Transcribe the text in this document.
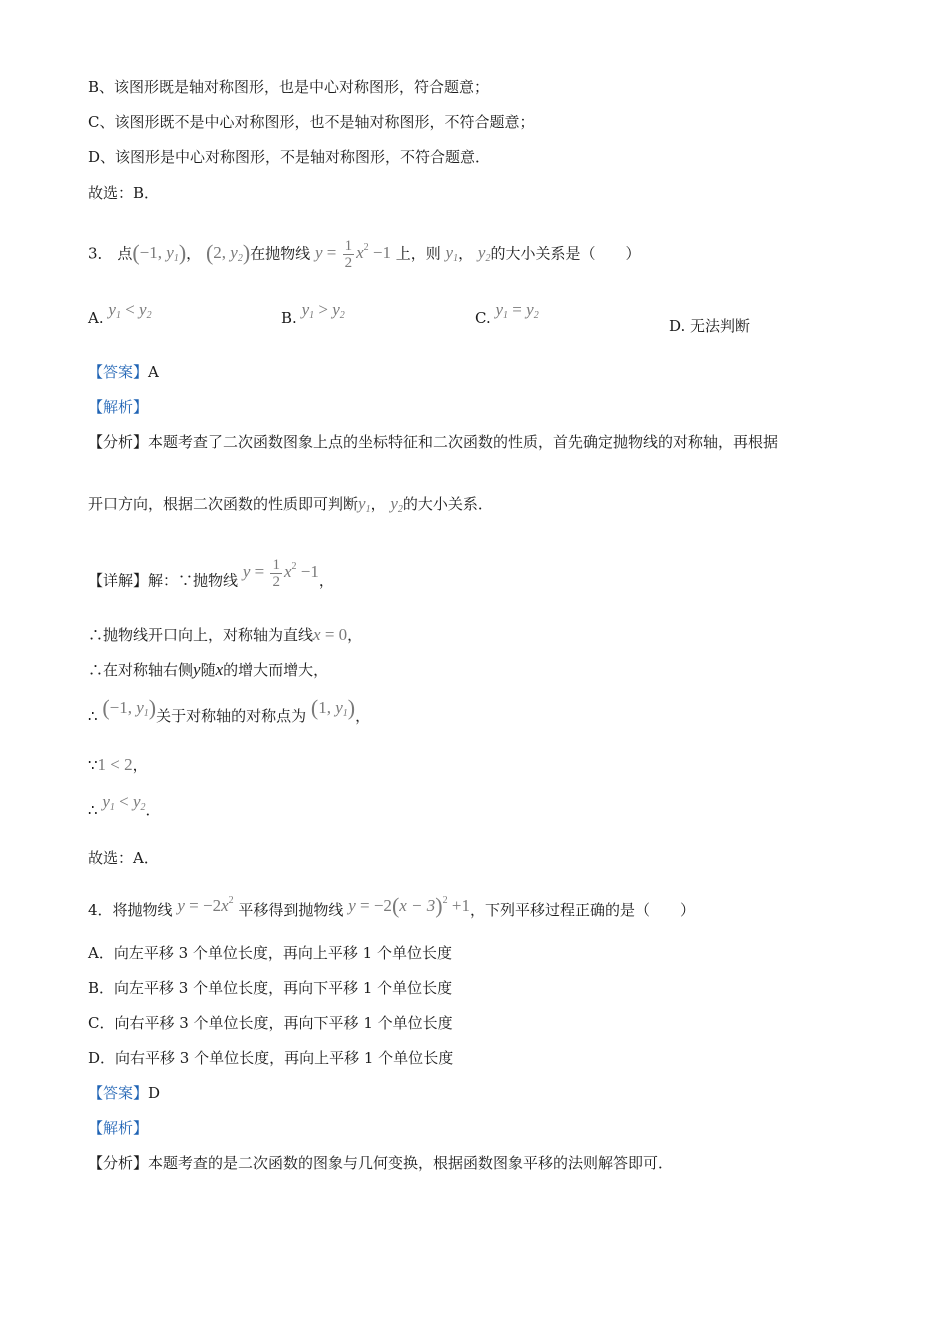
B、该图形既是轴对称图形，也是中心对称图形，符合题意；
C、该图形既不是中心对称图形，也不是轴对称图形，不符合题意；
D、该图形是中心对称图形，不是轴对称图形，不符合题意．
故选：B．
3． 点(−1, $y_1$)， (2, $y_2$)在抛物线 $y = \frac{1}{2} x^2 -1$ 上，则 $y_1$， $y_2$的大小关系是（　　）
A. $y_1 < y_2$	B. $y_1 > y_2$	C. $y_1 = y_2$
D. 无法判断
【答案】A
【解析】
【分析】本题考查了二次函数图象上点的坐标特征和二次函数的性质，首先确定抛物线的对称轴，再根据
开口方向，根据二次函数的性质即可判断$y_1$， $y_2$的大小关系．
【详解】解：∵抛物线 $y = \frac{1}{2} x^2 -1$，
∴抛物线开口向上，对称轴为直线x = 0，
∴在对称轴右侧y随x的增大而增大，
∴ (−1, $y_1$)关于对称轴的对称点为 (1, $y_1$)，
∵1 < 2，
∴ $y_1 < y_2$．
故选：A．
4．将抛物线 $y = -2x^2$ 平移得到抛物线 $y = -2(x - 3)^2 +1$，下列平移过程正确的是（　　）
A．向左平移 3 个单位长度，再向上平移 1 个单位长度
B．向左平移 3 个单位长度，再向下平移 1 个单位长度
C．向右平移 3 个单位长度，再向下平移 1 个单位长度
D．向右平移 3 个单位长度，再向上平移 1 个单位长度
【答案】D
【解析】
【分析】本题考查的是二次函数的图象与几何变换，根据函数图象平移的法则解答即可．
